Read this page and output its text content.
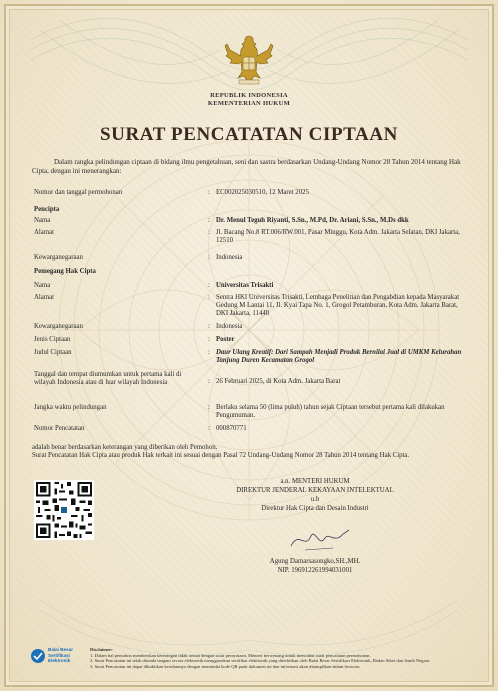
REPUBLIK INDONESIA
KEMENTERIAN HUKUM
SURAT PENCATATAN CIPTAAN
Dalam rangka pelindungan ciptaan di bidang ilmu pengetahuan, seni dan sastra berdasarkan Undang-Undang Nomor 28 Tahun 2014 tentang Hak Cipta, dengan ini menerangkan:
Nomor dan tanggal permohonan	: EC002025030510, 12 Maret 2025
Pencipta
Nama	: Dr. Menul Teguh Riyanti, S.Sn., M.Pd, Dr. Ariani, S.Sn., M.Ds dkk
Alamat	: Jl. Bacang No.8 RT.006/RW.001, Pasar Minggu, Kota Adm. Jakarta Selatan, DKI Jakarta, 12510
Kewarganegaraan	: Indonesia
Pemegang Hak Cipta
Nama	: Universitas Trisakti
Alamat	: Sentra HKI Universitas Trisakti, Lembaga Penelitian dan Pengabdian kepada Masyarakat Gedung M Lantai 11, Jl. Kyai Tapa No. 1, Grogol Petamburan, Kota Adm. Jakarta Barat, DKI Jakarta, 11440
Kewarganegaraan	: Indonesia
Jenis Ciptaan	: Poster
Judul Ciptaan	: Daur Ulang Kreatif: Dari Sampah Menjadi Produk Bernilai Jual di UMKM Kelurahan Tanjung Duren Kecamatan Grogol
Tanggal dan tempat diumumkan untuk pertama kali di wilayah Indonesia atau di luar wilayah Indonesia	: 26 Februari 2025, di Kota Adm. Jakarta Barat
Jangka waktu pelindungan	: Berlaku selama 50 (lima puluh) tahun sejak Ciptaan tersebut pertama kali dilakukan Pengumuman.
Nomor Pencatatan	: 000870771
adalah benar berdasarkan keterangan yang diberikan oleh Pemohon.
Surat Pencatatan Hak Cipta atau produk Hak terkait ini sesuai dengan Pasal 72 Undang-Undang Nomor 28 Tahun 2014 tentang Hak Cipta.
a.n. MENTERI HUKUM
DIREKTUR JENDERAL KEKAYAAN INTELEKTUAL
u.b
Direktur Hak Cipta dan Desain Industri
Agung Damarsasongko,SH.,MH.
NIP. 196912261994031001
Balai Besar
Sertifikasi
Elektronik
Disclaimer:
1. Dalam hal pemohon memberikan keterangan tidak sesuai dengan surat pernyataan, Menteri berwenang untuk mencabut surat pencatatan permohonan.
2. Surat Pencatatan ini telah ditanda tangani secara elektronik menggunakan sertifikat elektronik yang diterbitkan oleh Balai Besar Sertifikasi Elektronik, Badan Siber dan Sandi Negara.
3. Surat Pencatatan ini dapat dibuktikan keasliannya dengan memindai kode QR pada dokumen ini dan informasi akan ditampilkan dalam browser.
